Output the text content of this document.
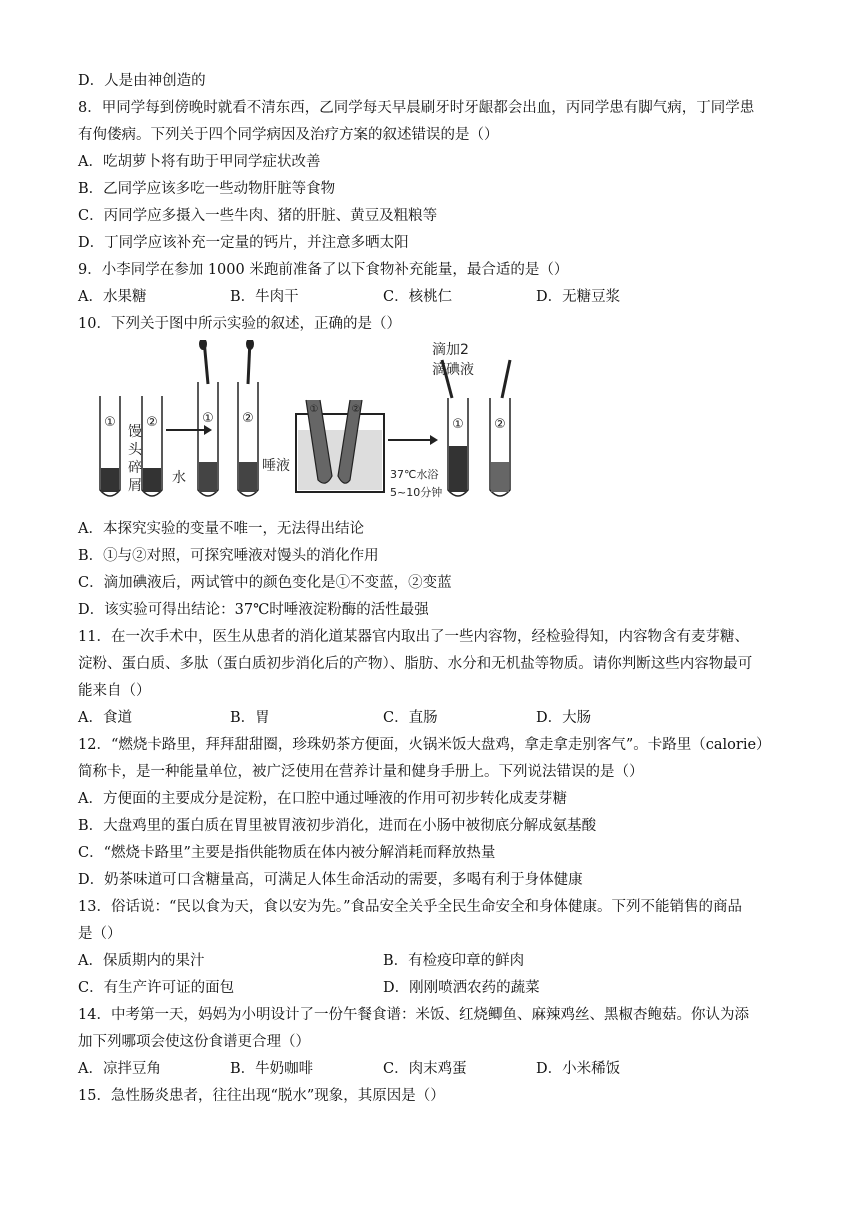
D．人是由神创造的
8．甲同学每到傍晚时就看不清东西，乙同学每天早晨刷牙时牙龈都会出血，丙同学患有脚气病，丁同学患
有佝偻病。下列关于四个同学病因及治疗方案的叙述错误的是（）
A．吃胡萝卜将有助于甲同学症状改善
B．乙同学应该多吃一些动物肝脏等食物
C．丙同学应多摄入一些牛肉、猪的肝脏、黄豆及粗粮等
D．丁同学应该补充一定量的钙片，并注意多晒太阳
9．小李同学在参加 1000 米跑前准备了以下食物补充能量，最合适的是（）
A．水果糖	B．牛肉干	C．核桃仁	D．无糖豆浆
10．下列关于图中所示实验的叙述，正确的是（）
①
馒
头
碎
屑
②	①
水
②
唾液
①	②
37℃水浴
5~10分钟
滴加2
滴碘液
① ②
A．本探究实验的变量不唯一，无法得出结论
B．①与②对照，可探究唾液对馒头的消化作用
C．滴加碘液后，两试管中的颜色变化是①不变蓝，②变蓝
D．该实验可得出结论：37℃时唾液淀粉酶的活性最强
11．在一次手术中，医生从患者的消化道某器官内取出了一些内容物，经检验得知，内容物含有麦芽糖、
淀粉、蛋白质、多肽（蛋白质初步消化后的产物）、脂肪、水分和无机盐等物质。请你判断这些内容物最可
能来自（）
A．食道	B．胃	C．直肠	D．大肠
12．“燃烧卡路里，拜拜甜甜圈，珍珠奶茶方便面，火锅米饭大盘鸡，拿走拿走别客气”。卡路里（calorie）
简称卡，是一种能量单位，被广泛使用在营养计量和健身手册上。下列说法错误的是（）
A．方便面的主要成分是淀粉，在口腔中通过唾液的作用可初步转化成麦芽糖
B．大盘鸡里的蛋白质在胃里被胃液初步消化，进而在小肠中被彻底分解成氨基酸
C．“燃烧卡路里”主要是指供能物质在体内被分解消耗而释放热量
D．奶茶味道可口含糖量高，可满足人体生命活动的需要，多喝有利于身体健康
13．俗话说：“民以食为天，食以安为先。”食品安全关乎全民生命安全和身体健康。下列不能销售的商品
是（）
A．保质期内的果汁	B．有检疫印章的鲜肉
C．有生产许可证的面包	D．刚刚喷洒农药的蔬菜
14．中考第一天，妈妈为小明设计了一份午餐食谱：米饭、红烧鲫鱼、麻辣鸡丝、黑椒杏鲍菇。你认为添
加下列哪项会使这份食谱更合理（）
A．凉拌豆角	B．牛奶咖啡	C．肉末鸡蛋	D．小米稀饭
15．急性肠炎患者，往往出现“脱水”现象，其原因是（）
